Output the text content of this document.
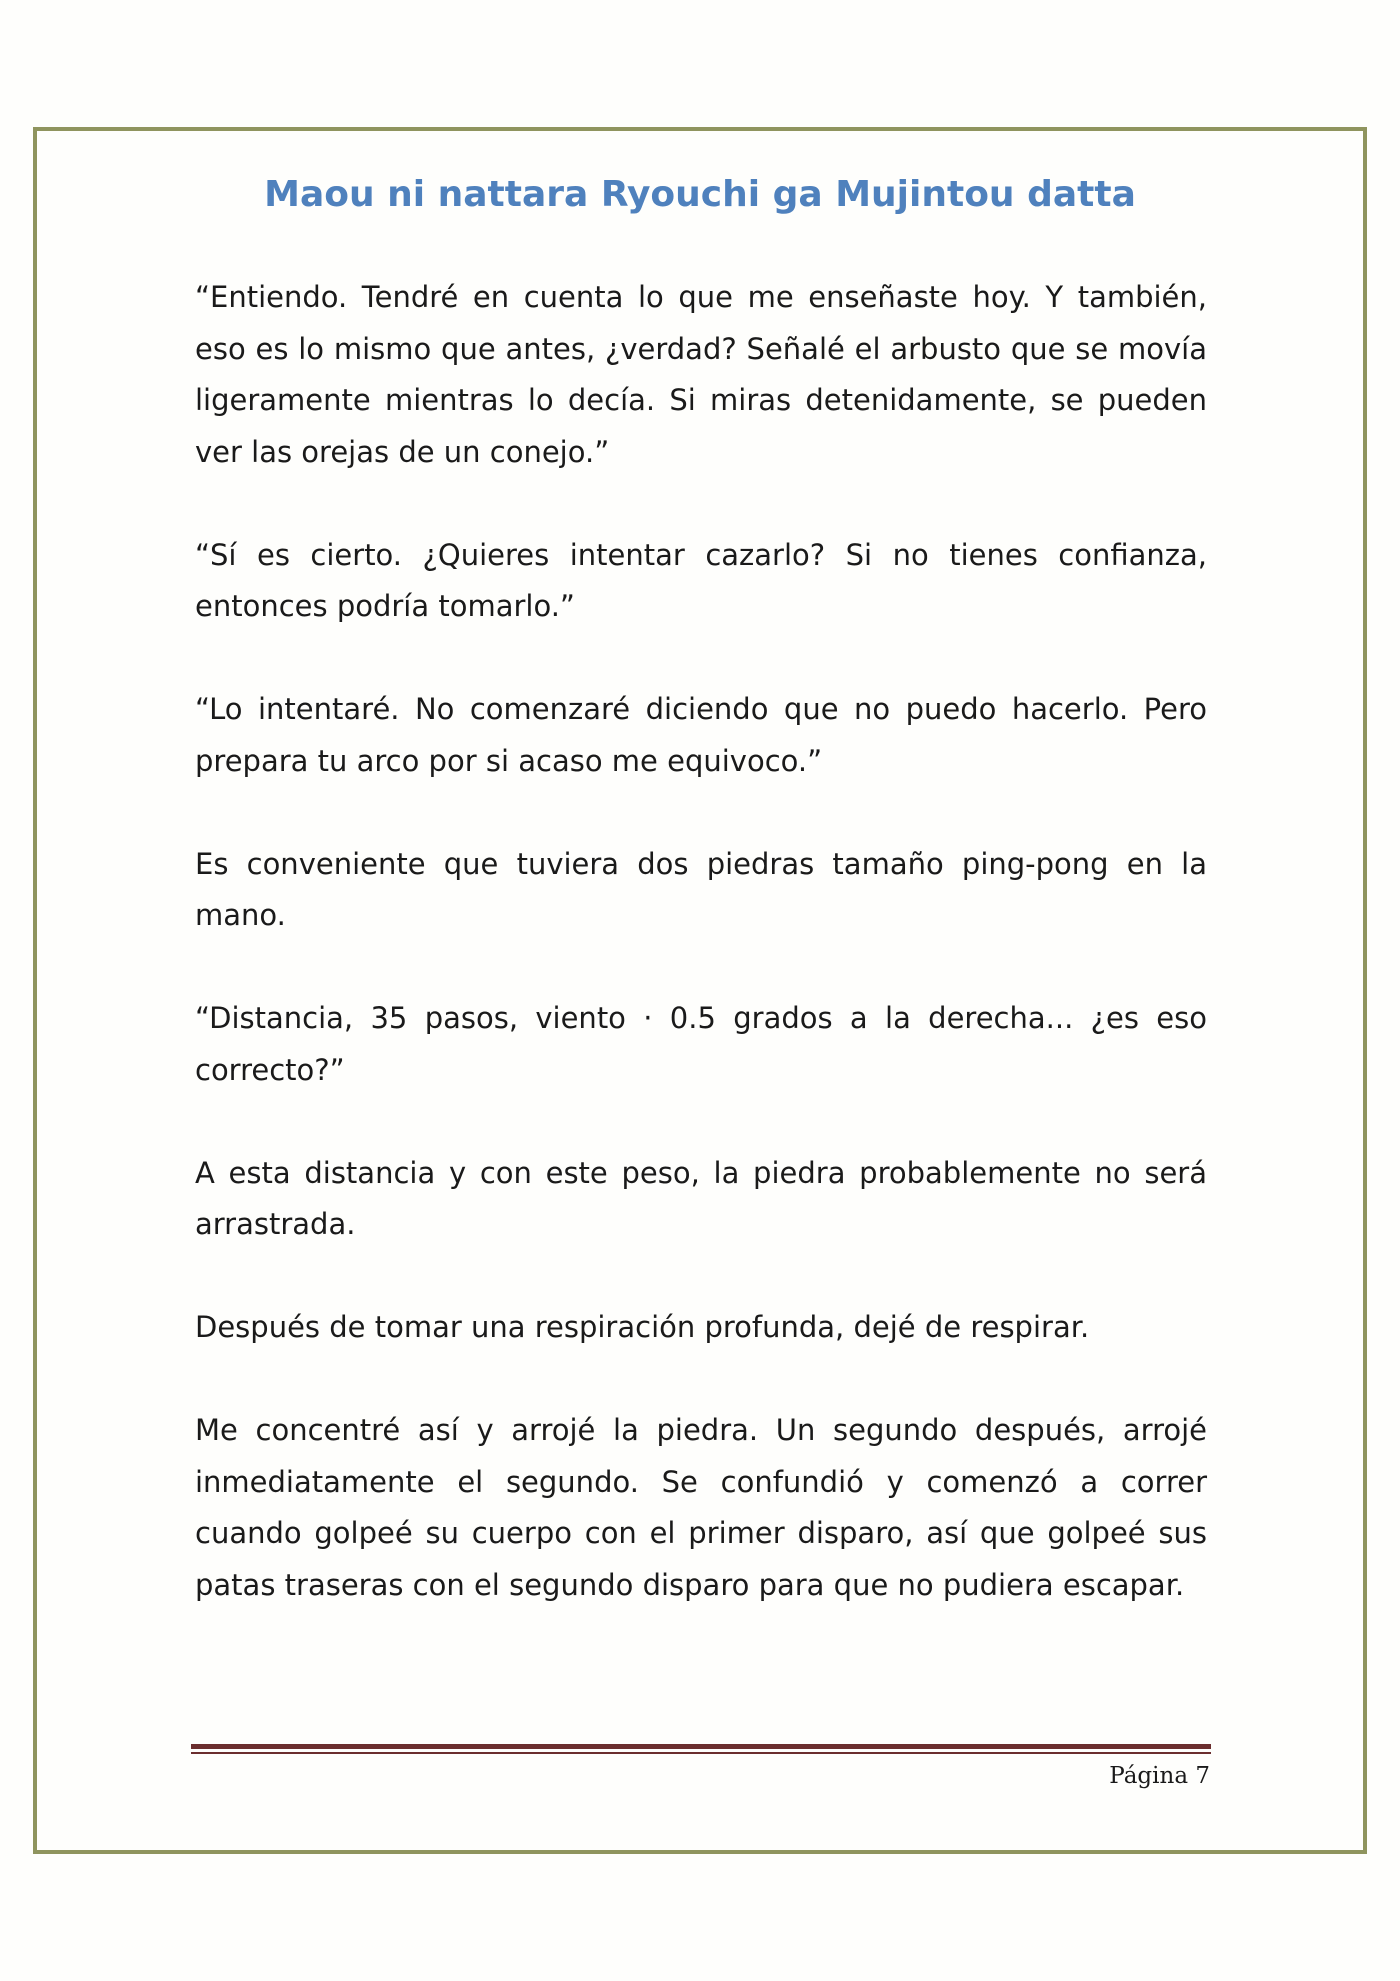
Maou ni nattara Ryouchi ga Mujintou datta

“Entiendo. Tendré en cuenta lo que me enseñaste hoy. Y también, eso es lo mismo que antes, ¿verdad? Señalé el arbusto que se movía ligeramente mientras lo decía. Si miras detenidamente, se pueden ver las orejas de un conejo.”

“Sí es cierto. ¿Quieres intentar cazarlo? Si no tienes confianza, entonces podría tomarlo.”

“Lo intentaré. No comenzaré diciendo que no puedo hacerlo. Pero prepara tu arco por si acaso me equivoco.”

Es conveniente que tuviera dos piedras tamaño ping-pong en la mano.

“Distancia, 35 pasos, viento · 0.5 grados a la derecha... ¿es eso correcto?”

A esta distancia y con este peso, la piedra probablemente no será arrastrada.

Después de tomar una respiración profunda, dejé de respirar.

Me concentré así y arrojé la piedra. Un segundo después, arrojé inmediatamente el segundo. Se confundió y comenzó a correr cuando golpeé su cuerpo con el primer disparo, así que golpeé sus patas traseras con el segundo disparo para que no pudiera escapar.

Página 7
